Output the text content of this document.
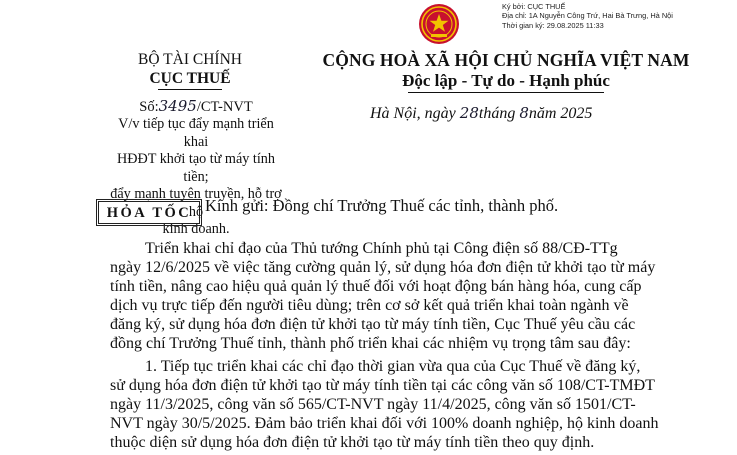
Ký bởi: CỤC THUẾ
Địa chỉ: 1A Nguyễn Công Trứ, Hai Bà Trưng, Hà Nội
Thời gian ký: 29.08.2025 11:33
BỘ TÀI CHÍNH
CỤC THUẾ
CỘNG HOÀ XÃ HỘI CHỦ NGHĨA VIỆT NAM
Độc lập - Tự do - Hạnh phúc
Số:3495/CT-NVT
V/v tiếp tục đẩy mạnh triển khai
HĐĐT khởi tạo từ máy tính tiền;
đẩy mạnh tuyên truyền, hỗ trợ hộ
kinh doanh.
Hà Nội, ngày 28tháng 8năm 2025
HỎA TỐC Kính gửi: Đồng chí Trưởng Thuế các tỉnh, thành phố.
Triển khai chỉ đạo của Thủ tướng Chính phủ tại Công điện số 88/CĐ-TTg
ngày 12/6/2025 về việc tăng cường quản lý, sử dụng hóa đơn điện tử khởi tạo từ máy
tính tiền, nâng cao hiệu quả quản lý thuế đối với hoạt động bán hàng hóa, cung cấp
dịch vụ trực tiếp đến người tiêu dùng; trên cơ sở kết quả triển khai toàn ngành về
đăng ký, sử dụng hóa đơn điện tử khởi tạo từ máy tính tiền, Cục Thuế yêu cầu các
đồng chí Trưởng Thuế tỉnh, thành phố triển khai các nhiệm vụ trọng tâm sau đây:
1. Tiếp tục triển khai các chỉ đạo thời gian vừa qua của Cục Thuế về đăng ký,
sử dụng hóa đơn điện tử khởi tạo từ máy tính tiền tại các công văn số 108/CT-TMĐT
ngày 11/3/2025, công văn số 565/CT-NVT ngày 11/4/2025, công văn số 1501/CT-
NVT ngày 30/5/2025. Đảm bảo triển khai đối với 100% doanh nghiệp, hộ kinh doanh
thuộc diện sử dụng hóa đơn điện tử khởi tạo từ máy tính tiền theo quy định.
